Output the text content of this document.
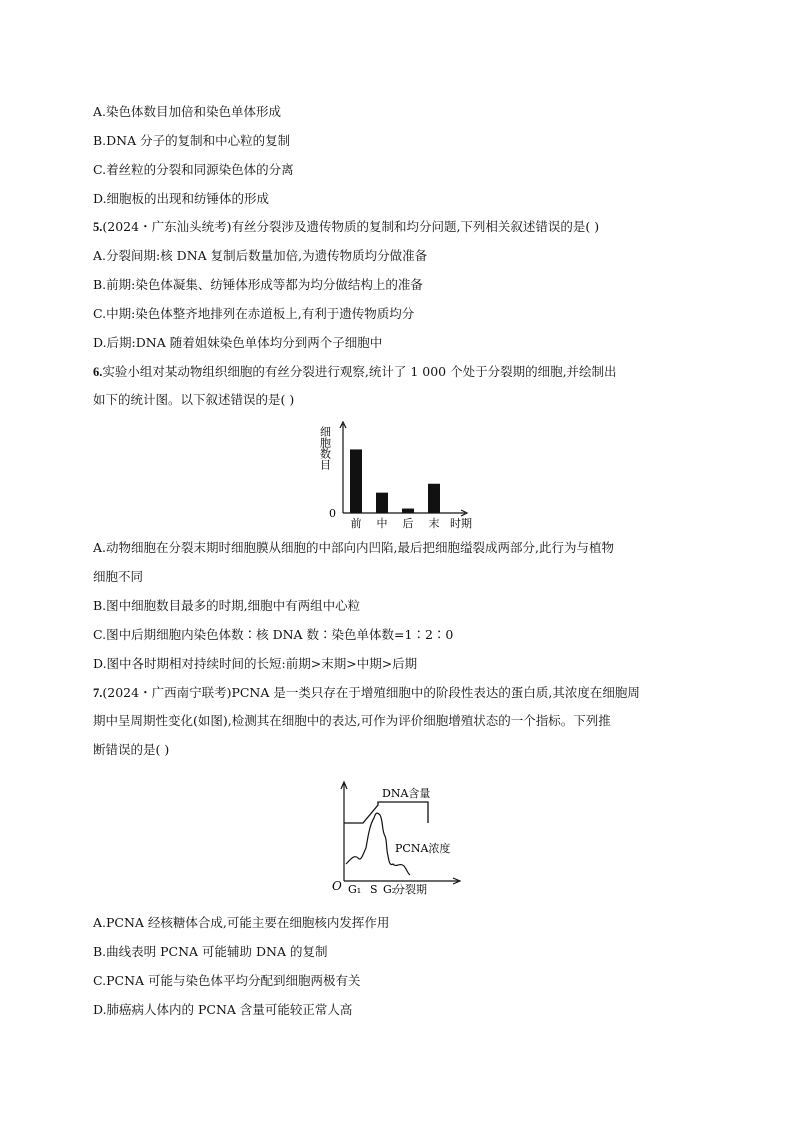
A.染色体数目加倍和染色单体形成
B.DNA 分子的复制和中心粒的复制
C.着丝粒的分裂和同源染色体的分离
D.细胞板的出现和纺锤体的形成
5.(2024・广东汕头统考)有丝分裂涉及遗传物质的复制和均分问题,下列相关叙述错误的是( )
A.分裂间期:核 DNA 复制后数量加倍,为遗传物质均分做准备
B.前期:染色体凝集、纺锤体形成等都为均分做结构上的准备
C.中期:染色体整齐地排列在赤道板上,有利于遗传物质均分
D.后期:DNA 随着姐妹染色单体均分到两个子细胞中
6.实验小组对某动物组织细胞的有丝分裂进行观察,统计了 1 000 个处于分裂期的细胞,并绘制出
如下的统计图。以下叙述错误的是( )
细胞数目
0
前 中 后 末 时期
A.动物细胞在分裂末期时细胞膜从细胞的中部向内凹陷,最后把细胞缢裂成两部分,此行为与植物
细胞不同
B.图中细胞数目最多的时期,细胞中有两组中心粒
C.图中后期细胞内染色体数∶核 DNA 数∶染色单体数=1∶2∶0
D.图中各时期相对持续时间的长短:前期>末期>中期>后期
7.(2024・广西南宁联考)PCNA 是一类只存在于增殖细胞中的阶段性表达的蛋白质,其浓度在细胞周
期中呈周期性变化(如图),检测其在细胞中的表达,可作为评价细胞增殖状态的一个指标。下列推
断错误的是( )
DNA含量
PCNA浓度
O G₁ S G₂
分裂期
A.PCNA 经核糖体合成,可能主要在细胞核内发挥作用
B.曲线表明 PCNA 可能辅助 DNA 的复制
C.PCNA 可能与染色体平均分配到细胞两极有关
D.肺癌病人体内的 PCNA 含量可能较正常人高
